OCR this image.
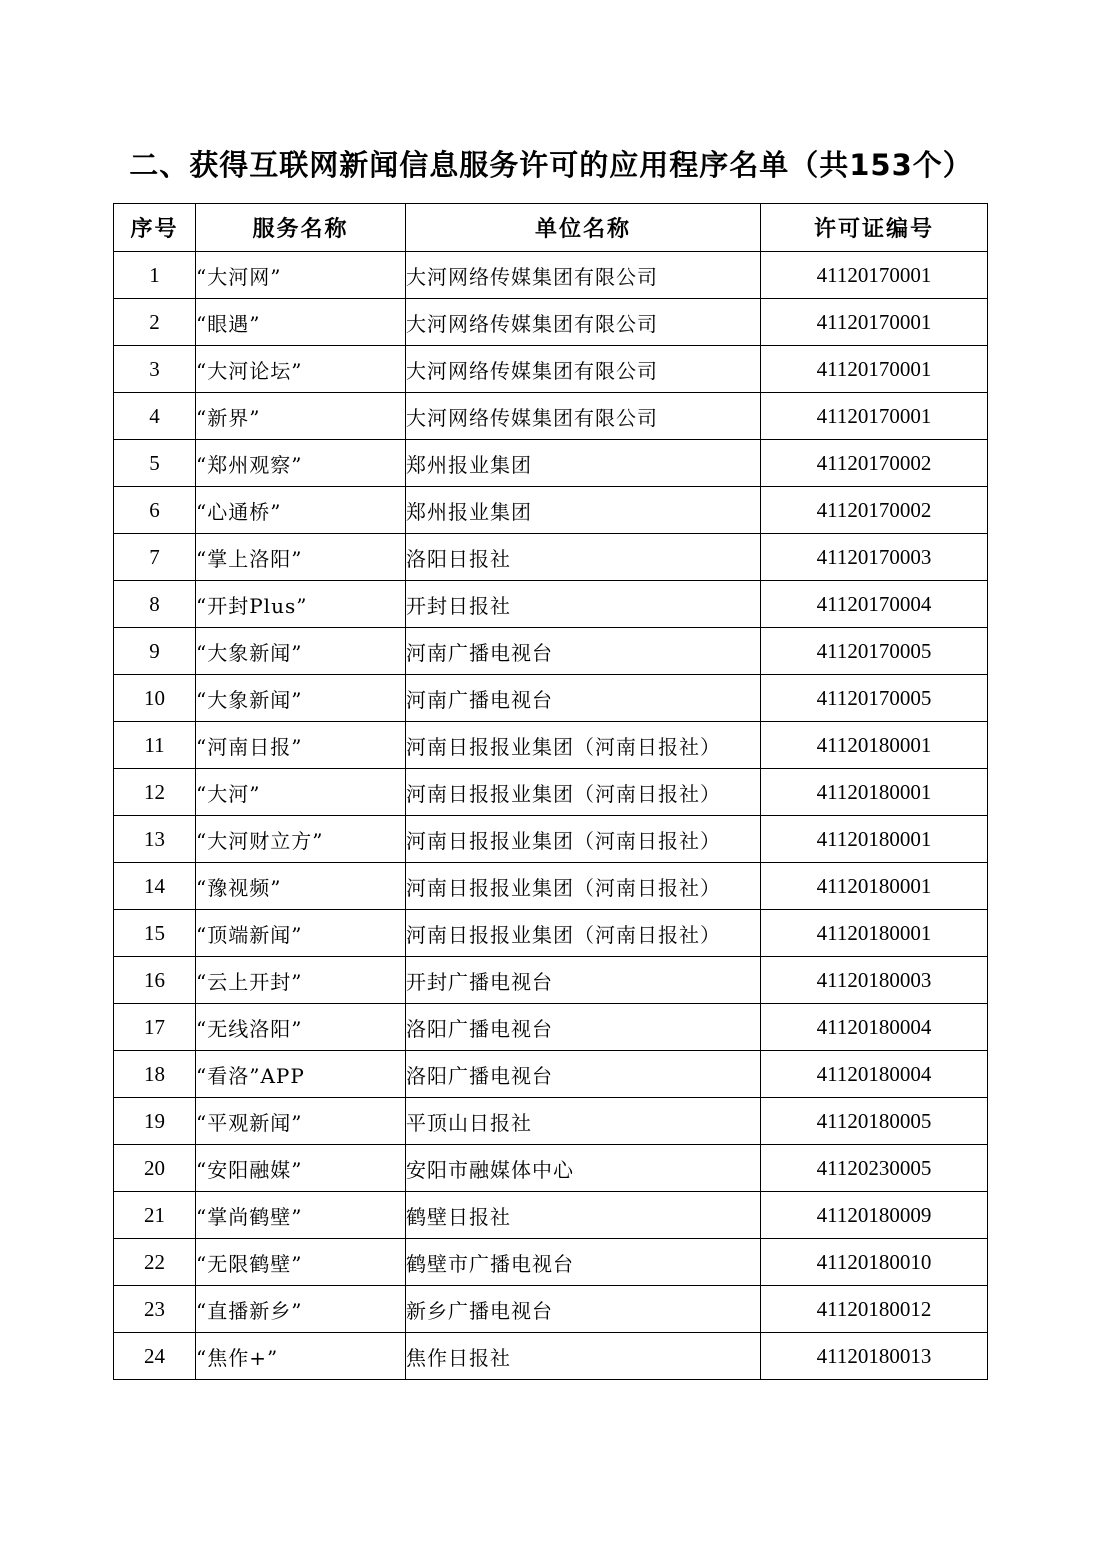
二、获得互联网新闻信息服务许可的应用程序名单（共153个）
序号	服务名称	单位名称	许可证编号
1	“大河网”	大河网络传媒集团有限公司	41120170001
2	“眼遇”	大河网络传媒集团有限公司	41120170001
3	“大河论坛”	大河网络传媒集团有限公司	41120170001
4	“新界”	大河网络传媒集团有限公司	41120170001
5	“郑州观察”	郑州报业集团	41120170002
6	“心通桥”	郑州报业集团	41120170002
7	“掌上洛阳”	洛阳日报社	41120170003
8	“开封Plus”	开封日报社	41120170004
9	“大象新闻”	河南广播电视台	41120170005
10	“大象新闻”	河南广播电视台	41120170005
11	“河南日报”	河南日报报业集团（河南日报社）	41120180001
12	“大河”	河南日报报业集团（河南日报社）	41120180001
13	“大河财立方”	河南日报报业集团（河南日报社）	41120180001
14	“豫视频”	河南日报报业集团（河南日报社）	41120180001
15	“顶端新闻”	河南日报报业集团（河南日报社）	41120180001
16	“云上开封”	开封广播电视台	41120180003
17	“无线洛阳”	洛阳广播电视台	41120180004
18	“看洛”APP	洛阳广播电视台	41120180004
19	“平观新闻”	平顶山日报社	41120180005
20	“安阳融媒”	安阳市融媒体中心	41120230005
21	“掌尚鹤壁”	鹤壁日报社	41120180009
22	“无限鹤壁”	鹤壁市广播电视台	41120180010
23	“直播新乡”	新乡广播电视台	41120180012
24	“焦作+”	焦作日报社	41120180013
